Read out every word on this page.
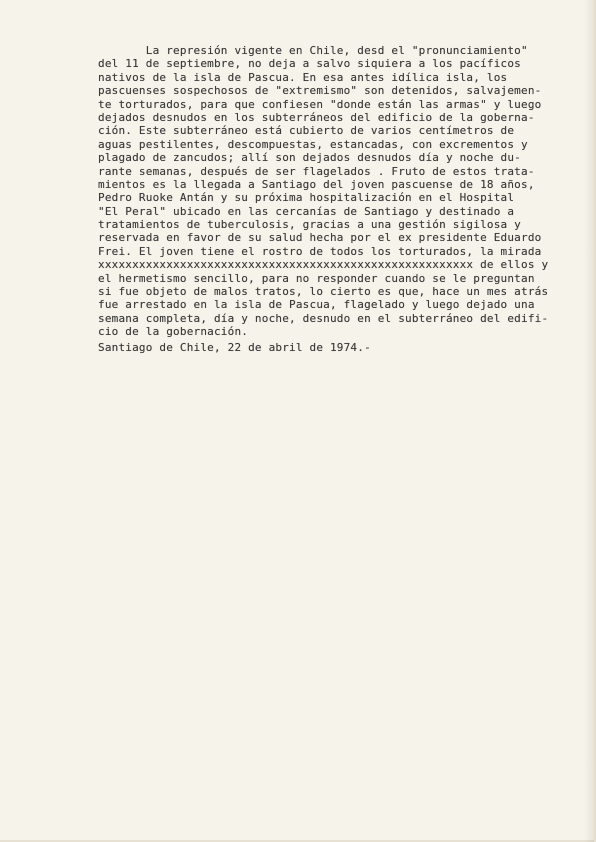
La represión vigente en Chile, desd el "pronunciamiento"
del 11 de septiembre, no deja a salvo siquiera a los pacíficos
nativos de la isla de Pascua. En esa antes idílica isla, los
pascuenses sospechosos de "extremismo" son detenidos, salvajemen-
te torturados, para que confiesen "donde están las armas" y luego
dejados desnudos en los subterráneos del edificio de la goberna-
ción. Este subterráneo está cubierto de varios centímetros de
aguas pestilentes, descompuestas, estancadas, con excrementos y
plagado de zancudos; allí son dejados desnudos día y noche du-
rante semanas, después de ser flagelados . Fruto de estos trata-
mientos es la llegada a Santiago del joven pascuense de 18 años,
Pedro Ruoke Antán y su próxima hospitalización en el Hospital
"El Peral" ubicado en las cercanías de Santiago y destinado a
tratamientos de tuberculosis, gracias a una gestión sigilosa y
reservada en favor de su salud hecha por el ex presidente Eduardo
Frei. El joven tiene el rostro de todos los torturados, la mirada
xxxxxxxxxxxxxxxxxxxxxxxxxxxxxxxxxxxxxxxxxxxxxxxxxxxxxxx de ellos y
el hermetismo sencillo, para no responder cuando se le preguntan
si fue objeto de malos tratos, lo cierto es que, hace un mes atrás
fue arrestado en la isla de Pascua, flagelado y luego dejado una
semana completa, día y noche, desnudo en el subterráneo del edifi-
cio de la gobernación.
Santiago de Chile, 22 de abril de 1974.-
